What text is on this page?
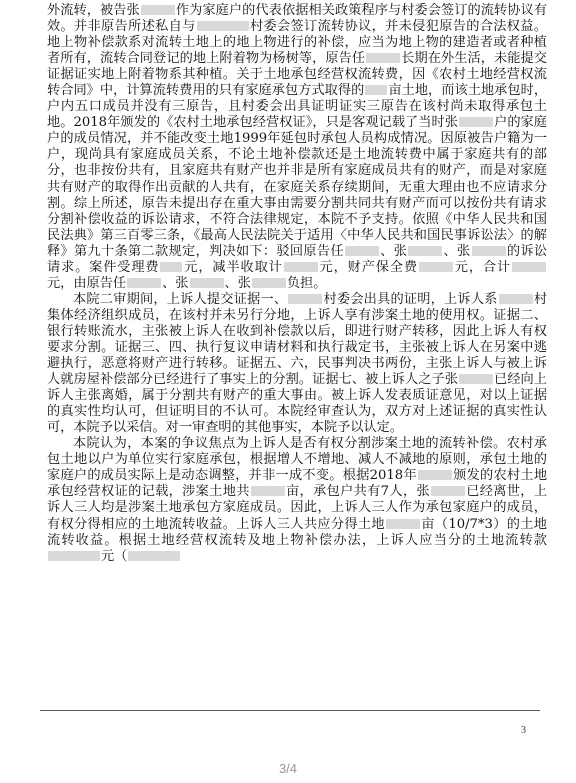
外流转，被告张	作为家庭户的代表依据相关政策程序与村委会签订的流转协议有效。并非原告所述私自与	村委会签订流转协议，并未侵犯原告的合法权益。地上物补偿款系对流转土地上的地上物进行的补偿，应当为地上物的建造者或者种植者所有，流转合同登记的地上附着物为杨树等，原告任	长期在外生活，未能提交证据证实地上附着物系其种植。关于土地承包经营权流转费，因《农村土地经营权流转合同》中，计算流转费用的只有家庭承包方式取得的 亩土地，而该土地承包时，户内五口成员并没有三原告，且村委会出具证明证实三原告在该村尚未取得承包土地。2018年颁发的《农村土地承包经营权证》，只是客观记载了当时张	户的家庭户的成员情况，并不能改变土地1999年延包时承包人员构成情况。因原被告户籍为一户，现尚具有家庭成员关系，不论土地补偿款还是土地流转费中属于家庭共有的部分，也非按份共有，且家庭共有财产也并非是所有家庭成员共有的财产，而是对家庭共有财产的取得作出贡献的人共有，在家庭关系存续期间，无重大理由也不应请求分割。综上所述，原告未提出存在重大事由需要分割共同共有财产而可以按份共有请求分割补偿收益的诉讼请求，不符合法律规定，本院不予支持。依照《中华人民共和国民法典》第三百零三条，《最高人民法院关于适用〈中华人民共和国民事诉讼法〉的解释》第九十条第二款规定，判决如下：驳回原告任	、张	、张	的诉讼请求。案件受理费 元，减半收取计	元，财产保全费	元，合计元，由原告任	、张	、张	负担。

本院二审期间，上诉人提交证据一、	村委会出具的证明，上诉人系	村集体经济组织成员，在该村并未另行分地，上诉人享有涉案土地的使用权。证据二、银行转账流水，主张被上诉人在收到补偿款以后，即进行财产转移，因此上诉人有权要求分割。证据三、四、执行复议申请材料和执行裁定书，主张被上诉人在另案中逃避执行，恶意将财产进行转移。证据五、六，民事判决书两份，主张上诉人与被上诉人就房屋补偿部分已经进行了事实上的分割。证据七、被上诉人之子张	已经向上诉人主张离婚，属于分割共有财产的重大事由。被上诉人发表质证意见，对以上证据的真实性均认可，但证明目的不认可。本院经审查认为，双方对上述证据的真实性认可，本院予以采信。对一审查明的其他事实，本院予以认定。

本院认为，本案的争议焦点为上诉人是否有权分割涉案土地的流转补偿。农村承包土地以户为单位实行家庭承包，根据增人不增地、减人不减地的原则，承包土地的家庭户的成员实际上是动态调整，并非一成不变。根据2018年	颁发的农村土地承包经营权证的记载，涉案土地共	亩，承包户共有7人，张	已经离世，上诉人三人均是涉案土地承包方家庭成员。因此，上诉人三人作为承包家庭户的成员，有权分得相应的土地流转收益。上诉人三人共应分得土地	亩（10/7*3）的土地流转收益。根据土地经营权流转及地上物补偿办法，上诉人应当分的土地流转款元（

3
3/4
